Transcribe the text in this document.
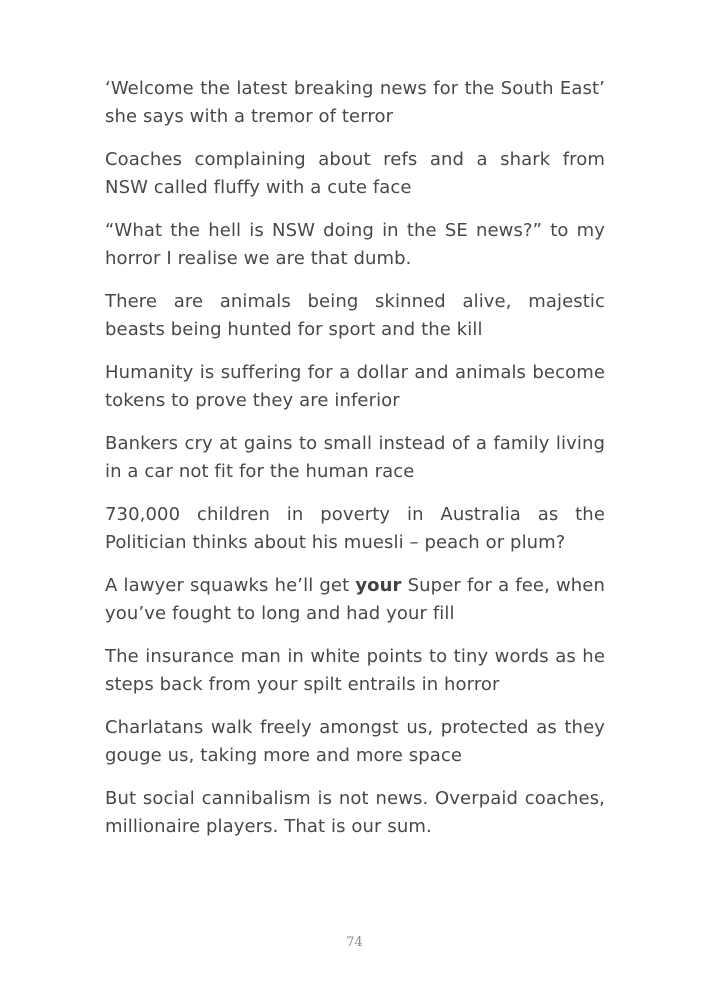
‘Welcome the latest breaking news for the South East’ she says with a tremor of terror

Coaches complaining about refs and a shark from NSW called fluffy with a cute face

“What the hell is NSW doing in the SE news?” to my horror I realise we are that dumb.

There are animals being skinned alive, majestic beasts being hunted for sport and the kill

Humanity is suffering for a dollar and animals become tokens to prove they are inferior

Bankers cry at gains to small instead of a family living in a car not fit for the human race

730,000 children in poverty in Australia as the Politician thinks about his muesli – peach or plum?

A lawyer squawks he’ll get your Super for a fee, when you’ve fought to long and had your fill

The insurance man in white points to tiny words as he steps back from your spilt entrails in horror

Charlatans walk freely amongst us, protected as they gouge us, taking more and more space

But social cannibalism is not news. Overpaid coaches, millionaire players. That is our sum.

74
